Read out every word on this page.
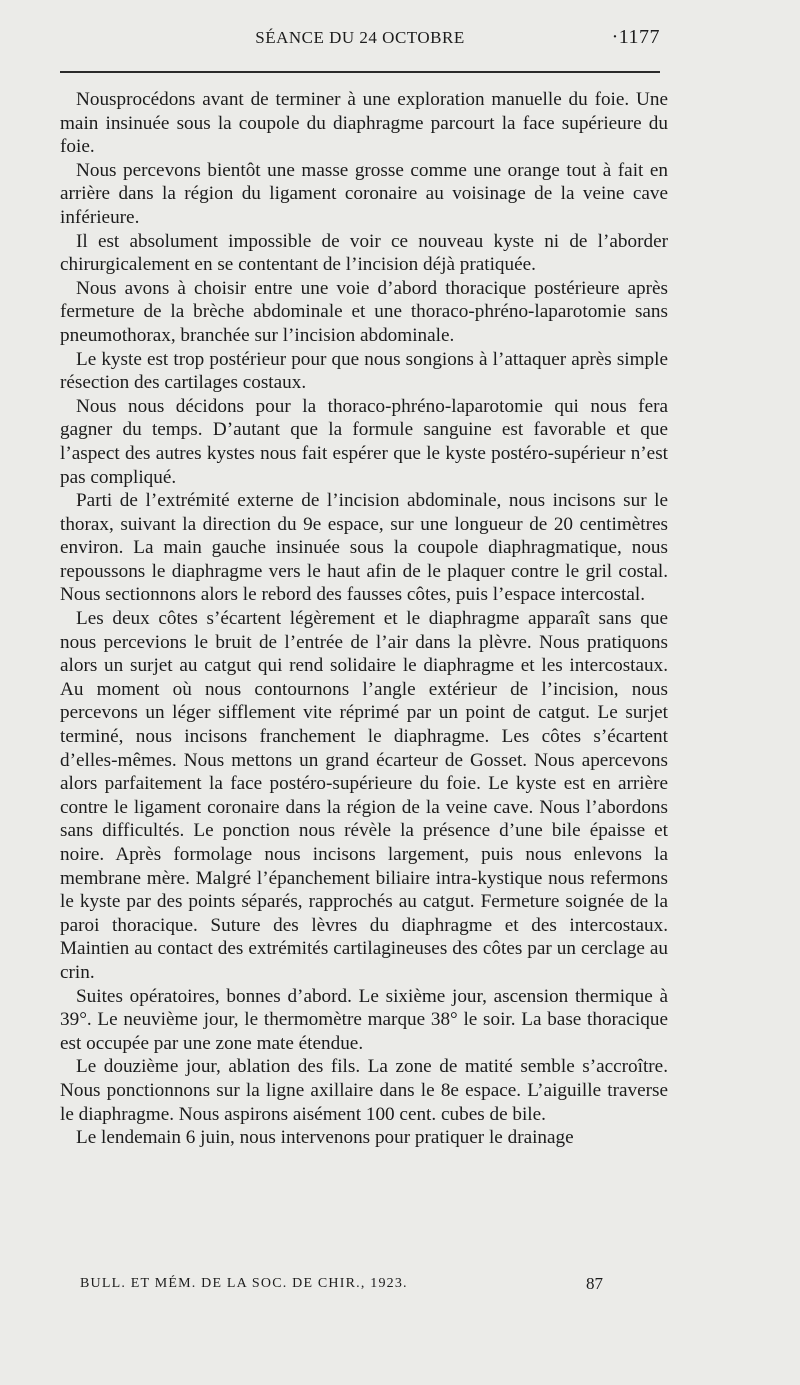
SÉANCE DU 24 OCTOBRE	·1177

Nousprocédons avant de terminer à une exploration manuelle du foie. Une main insinuée sous la coupole du diaphragme parcourt la face supérieure du foie.

Nous percevons bientôt une masse grosse comme une orange tout à fait en arrière dans la région du ligament coronaire au voisinage de la veine cave inférieure.

Il est absolument impossible de voir ce nouveau kyste ni de l’aborder chirurgicalement en se contentant de l’incision déjà pratiquée.

Nous avons à choisir entre une voie d’abord thoracique postérieure après fermeture de la brèche abdominale et une thoraco-phréno-laparotomie sans pneumothorax, branchée sur l’incision abdominale.

Le kyste est trop postérieur pour que nous songions à l’attaquer après simple résection des cartilages costaux.

Nous nous décidons pour la thoraco-phréno-laparotomie qui nous fera gagner du temps. D’autant que la formule sanguine est favorable et que l’aspect des autres kystes nous fait espérer que le kyste postéro-supérieur n’est pas compliqué.

Parti de l’extrémité externe de l’incision abdominale, nous incisons sur le thorax, suivant la direction du 9e espace, sur une longueur de 20 centimètres environ. La main gauche insinuée sous la coupole diaphragmatique, nous repoussons le diaphragme vers le haut afin de le plaquer contre le gril costal. Nous sectionnons alors le rebord des fausses côtes, puis l’espace intercostal.

Les deux côtes s’écartent légèrement et le diaphragme apparaît sans que nous percevions le bruit de l’entrée de l’air dans la plèvre. Nous pratiquons alors un surjet au catgut qui rend solidaire le diaphragme et les intercostaux. Au moment où nous contournons l’angle extérieur de l’incision, nous percevons un léger sifflement vite réprimé par un point de catgut. Le surjet terminé, nous incisons franchement le diaphragme. Les côtes s’écartent d’elles-mêmes. Nous mettons un grand écarteur de Gosset. Nous apercevons alors parfaitement la face postéro-supérieure du foie. Le kyste est en arrière contre le ligament coronaire dans la région de la veine cave. Nous l’abordons sans difficultés. Le ponction nous révèle la présence d’une bile épaisse et noire. Après formolage nous incisons largement, puis nous enlevons la membrane mère. Malgré l’épanchement biliaire intra-kystique nous refermons le kyste par des points séparés, rapprochés au catgut. Fermeture soignée de la paroi thoracique. Suture des lèvres du diaphragme et des intercostaux. Maintien au contact des extrémités cartilagineuses des côtes par un cerclage au crin.

Suites opératoires, bonnes d’abord. Le sixième jour, ascension thermique à 39°. Le neuvième jour, le thermomètre marque 38° le soir. La base thoracique est occupée par une zone mate étendue.

Le douzième jour, ablation des fils. La zone de matité semble s’accroître. Nous ponctionnons sur la ligne axillaire dans le 8e espace. L’aiguille traverse le diaphragme. Nous aspirons aisément 100 cent. cubes de bile.

Le lendemain 6 juin, nous intervenons pour pratiquer le drainage

BULL. ET MÉM. DE LA SOC. DE CHIR., 1923.	87
